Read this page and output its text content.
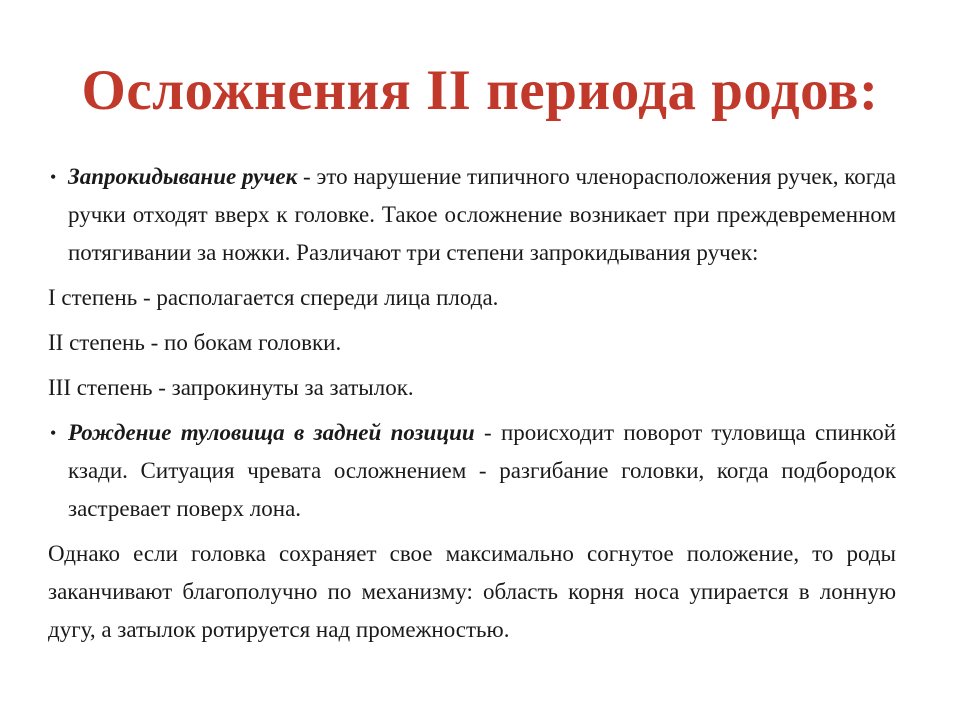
Осложнения II периода родов:

• Запрокидывание ручек - это нарушение типичного членорасположения ручек, когда ручки отходят вверх к головке. Такое осложнение возникает при преждевременном потягивании за ножки. Различают три степени запрокидывания ручек:

I степень - располагается спереди лица плода.

II степень - по бокам головки.

III степень - запрокинуты за затылок.

• Рождение туловища в задней позиции - происходит поворот туловища спинкой кзади. Ситуация чревата осложнением - разгибание головки, когда подбородок застревает поверх лона.

Однако если головка сохраняет свое максимально согнутое положение, то роды заканчивают благополучно по механизму: область корня носа упирается в лонную дугу, а затылок ротируется над промежностью.
